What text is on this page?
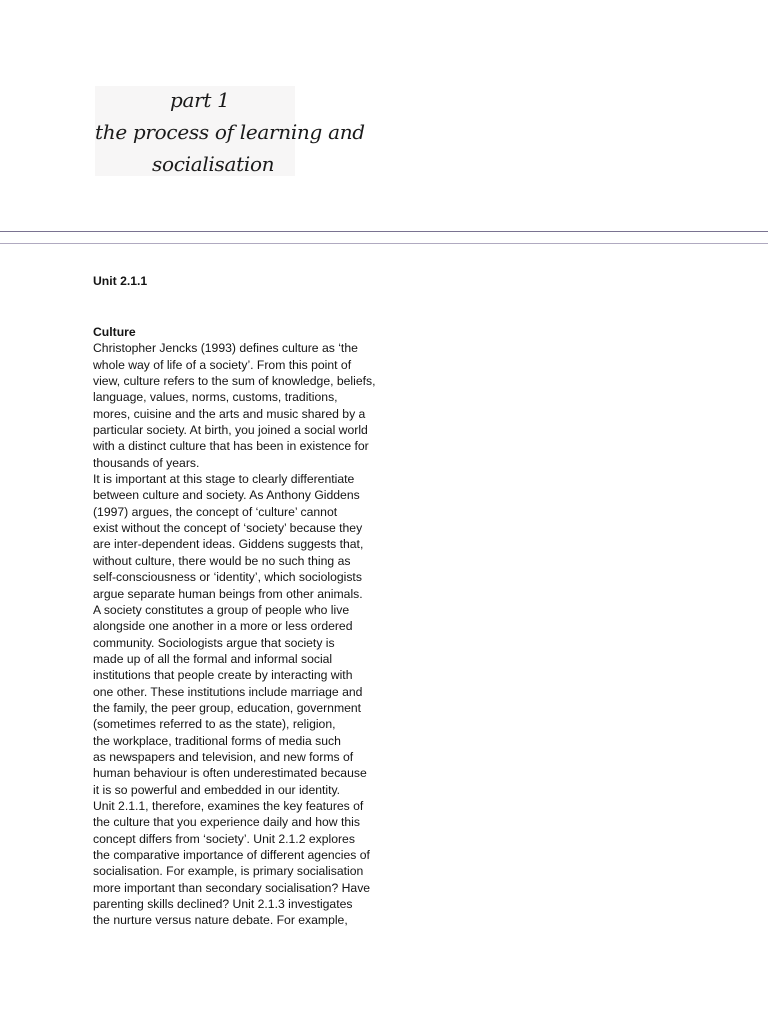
part 1
the process of learning and
socialisation
Unit 2.1.1
Culture
Christopher Jencks (1993) defines culture as ‘the
whole way of life of a society’. From this point of
view, culture refers to the sum of knowledge, beliefs,
language, values, norms, customs, traditions,
mores, cuisine and the arts and music shared by a
particular society. At birth, you joined a social world
with a distinct culture that has been in existence for
thousands of years.
It is important at this stage to clearly differentiate
between culture and society. As Anthony Giddens
(1997) argues, the concept of ‘culture’ cannot
exist without the concept of ‘society’ because they
are inter-dependent ideas. Giddens suggests that,
without culture, there would be no such thing as
self-consciousness or ‘identity’, which sociologists
argue separate human beings from other animals.
A society constitutes a group of people who live
alongside one another in a more or less ordered
community. Sociologists argue that society is
made up of all the formal and informal social
institutions that people create by interacting with
one other. These institutions include marriage and
the family, the peer group, education, government
(sometimes referred to as the state), religion,
the workplace, traditional forms of media such
as newspapers and television, and new forms of
human behaviour is often underestimated because
it is so powerful and embedded in our identity.
Unit 2.1.1, therefore, examines the key features of
the culture that you experience daily and how this
concept differs from ‘society’. Unit 2.1.2 explores
the comparative importance of different agencies of
socialisation. For example, is primary socialisation
more important than secondary socialisation? Have
parenting skills declined? Unit 2.1.3 investigates
the nurture versus nature debate. For example,
